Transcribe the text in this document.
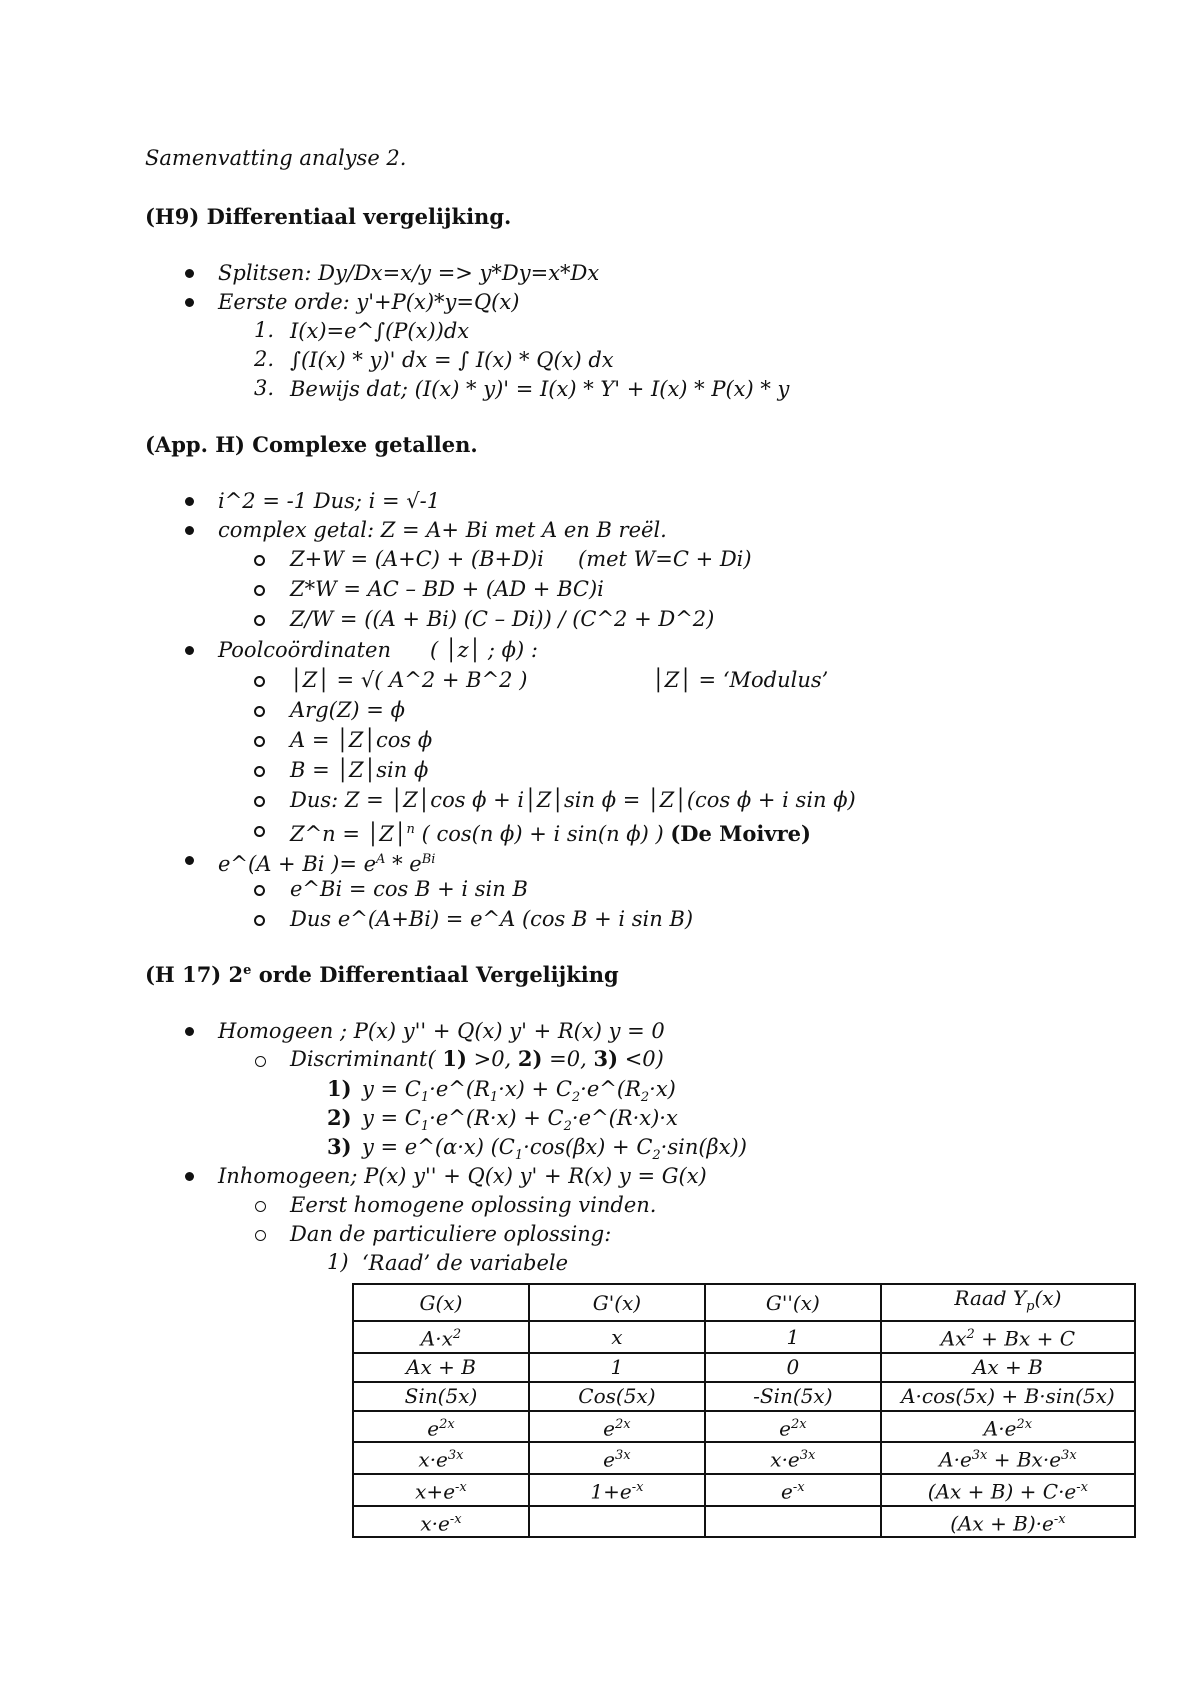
Samenvatting analyse 2.
(H9) Differentiaal vergelijking.
Splitsen: Dy/Dx=x/y => y*Dy=x*Dx
Eerste orde: y'+P(x)*y=Q(x)
1. I(x)=e^∫(P(x))dx
2. ∫(I(x) * y)' dx = ∫ I(x) * Q(x) dx
3. Bewijs dat; (I(x) * y)' = I(x) * Y' + I(x) * P(x) * y
(App. H) Complexe getallen.
i^2 = -1 Dus; i = √-1
complex getal: Z = A+ Bi met A en B reël.
Z+W = (A+C) + (B+D)i (met W=C + Di)
Z*W = AC – BD + (AD + BC)i
Z/W = ((A + Bi) (C – Di)) / (C^2 + D^2)
Poolcoördinaten ( │z│ ; ϕ) :
│Z│ = √( A^2 + B^2 )	│Z│ = ‘Modulus’
Arg(Z) = ϕ
A = │Z│cos ϕ
B = │Z│sin ϕ
Dus: Z = │Z│cos ϕ + i│Z│sin ϕ = │Z│(cos ϕ + i sin ϕ)
Z^n = │Z│$^n$ ( cos(n ϕ) + i sin(n ϕ) ) (De Moivre)
e^(A + Bi )= $e^A * e^{Bi}$
e^Bi = cos B + i sin B
Dus e^(A+Bi) = e^A (cos B + i sin B)
(H 17) 2e orde Differentiaal Vergelijking
Homogeen ; P(x) y'' + Q(x) y' + R(x) y = 0
Discriminant( 1) >0, 2) =0, 3) <0)
1) $y = C_1\cdot e\^{}(R_1\cdot x)$ + $C_2\cdot e\^{}(R_2\cdot x)$
2) $y = C_1\cdot e\^{}(R\cdot x)$ + $C_2\cdot e\^{}(R\cdot x)\cdot x$
3) y = e^(α·x) $(C_1\cdot\cos(\beta x) + C_2\cdot\sin(\beta x))$
Inhomogeen; P(x) y'' + Q(x) y' + R(x) y = G(x)
Eerst homogene oplossing vinden.
Dan de particuliere oplossing:
1) ‘Raad’ de variabele
G(x)	G'(x)	G''(x)	Raad $Y_p(x)$
$A\cdot x^2$	x	1	$Ax^2 + Bx + C$
Ax + B	1	0	Ax + B
Sin(5x)	Cos(5x)	-Sin(5x)	A·cos(5x) + B·sin(5x)
$e^{2x}$	$e^{2x}$	$e^{2x}$	$A\cdot e^{2x}$
$x\cdot e^{3x}$	$e^{3x}$	$x\cdot e^{3x}$	$A\cdot e^{3x} + Bx\cdot e^{3x}$
$x+e^{-x}$	$1+e^{-x}$	$e^{-x}$	$(Ax + B) + C\cdot e^{-x}$
$x\cdot e^{-x}$			$(Ax + B)\cdot e^{-x}$
